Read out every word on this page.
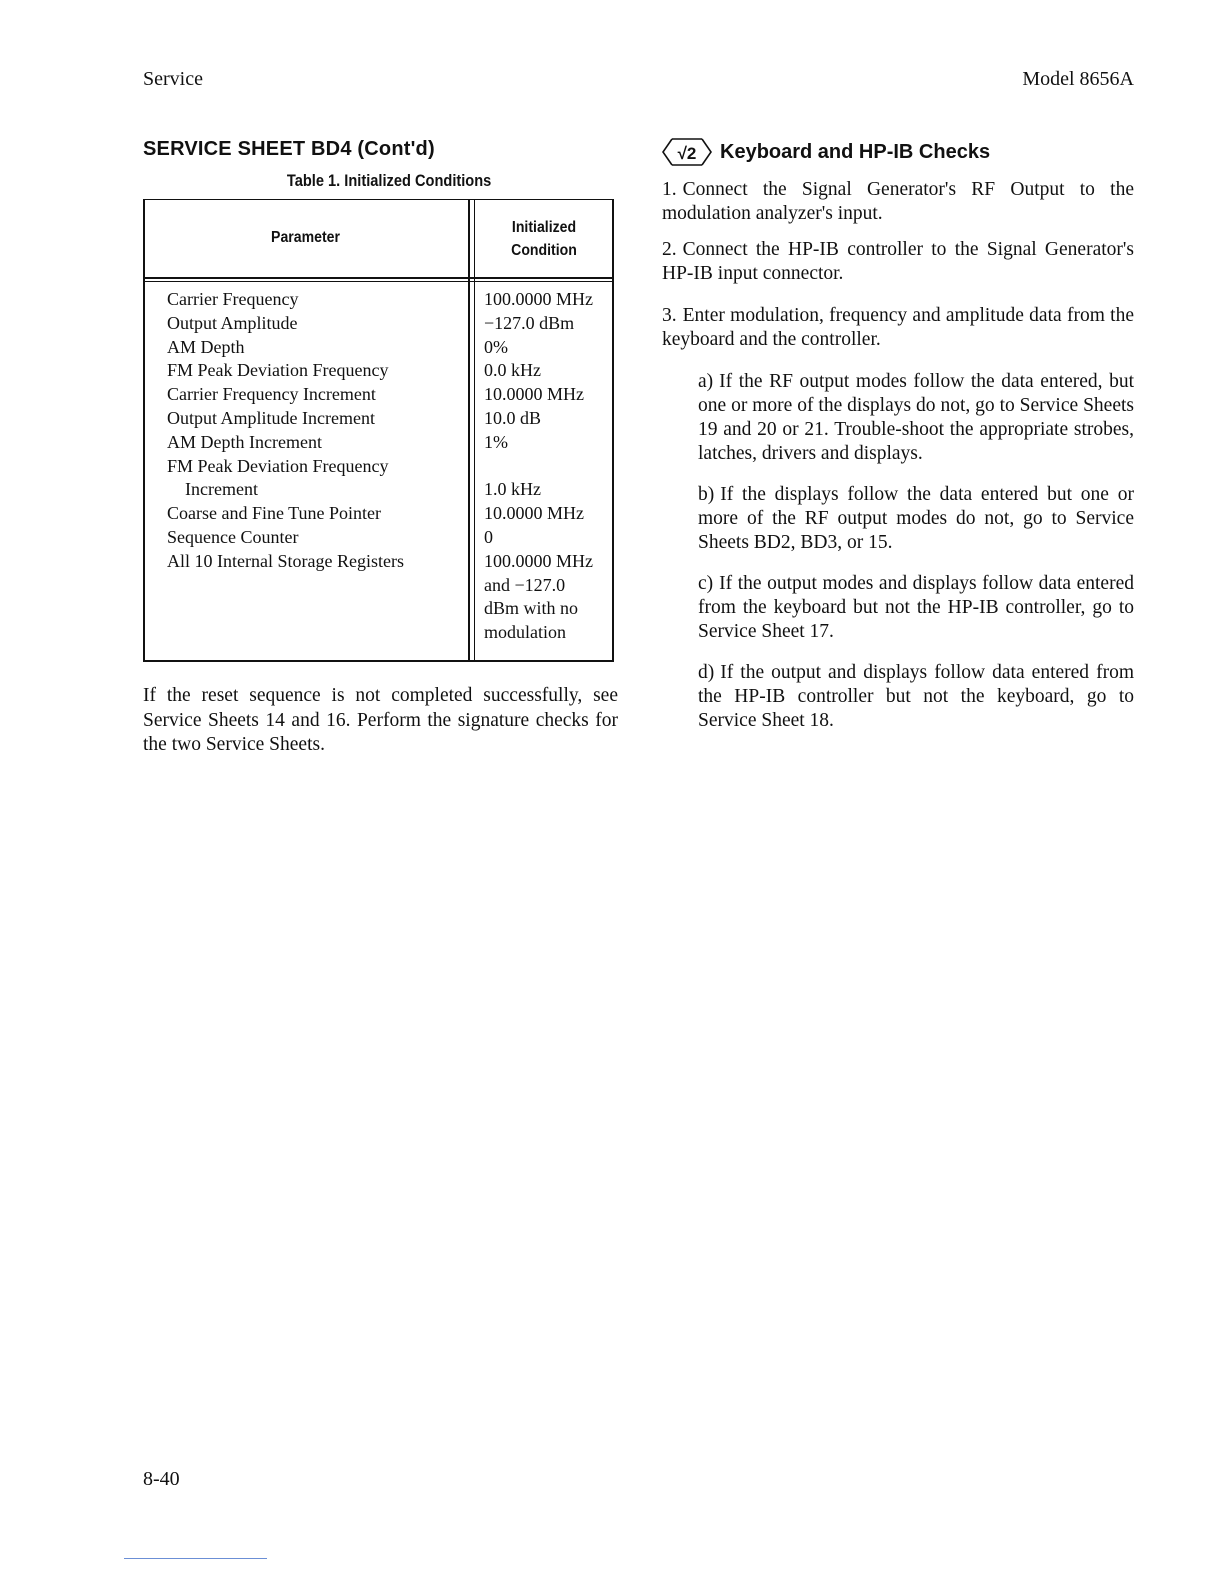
Service	Model 8656A
SERVICE SHEET BD4 (Cont'd)
Table 1. Initialized Conditions
Parameter
Initialized
Condition
Carrier Frequency
Output Amplitude
AM Depth
FM Peak Deviation Frequency
Carrier Frequency Increment
Output Amplitude Increment
AM Depth Increment
FM Peak Deviation Frequency
Increment
Coarse and Fine Tune Pointer
Sequence Counter
All 10 Internal Storage Registers
100.0000 MHz
−127.0 dBm
0%
0.0 kHz
10.0000 MHz
10.0 dB
1%

1.0 kHz
10.0000 MHz
0
100.0000 MHz
and −127.0
dBm with no
modulation

If the reset sequence is not completed successfully, see Service Sheets 14 and 16. Perform the signature checks for the two Service Sheets.

√2 Keyboard and HP-IB Checks

1. Connect the Signal Generator's RF Output to the modulation analyzer's input.

2. Connect the HP-IB controller to the Signal Generator's HP-IB input connector.

3. Enter modulation, frequency and amplitude data from the keyboard and the controller.

a) If the RF output modes follow the data entered, but one or more of the displays do not, go to Service Sheets 19 and 20 or 21. Trouble-shoot the appropriate strobes, latches, drivers and displays.

b) If the displays follow the data entered but one or more of the RF output modes do not, go to Service Sheets BD2, BD3, or 15.

c) If the output modes and displays follow data entered from the keyboard but not the HP-IB controller, go to Service Sheet 17.

d) If the output and displays follow data entered from the HP-IB controller but not the keyboard, go to Service Sheet 18.

8-40
